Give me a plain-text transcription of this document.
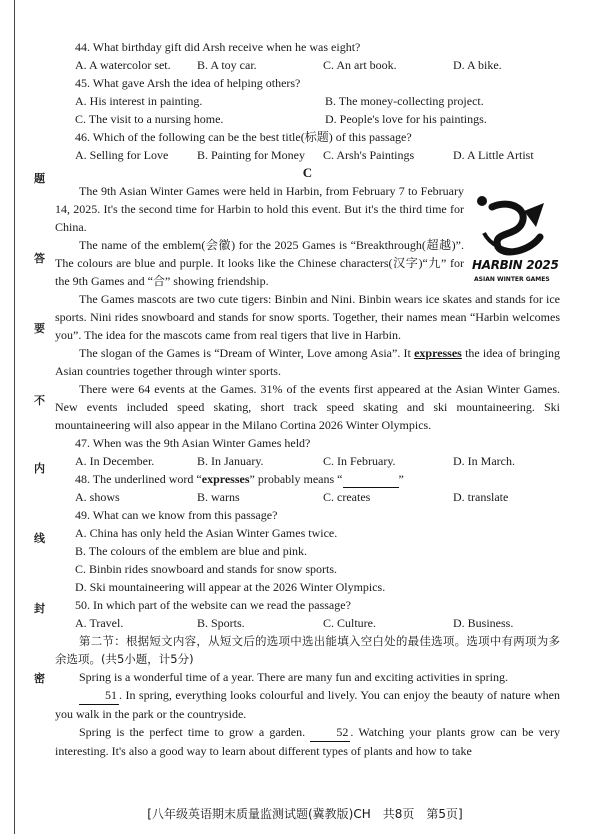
题
答
要
不
内
线
封
密

44. What birthday gift did Arsh receive when he was eight?

A. A watercolor set.	B. A toy car.	C. An art book.	D. A bike.

45. What gave Arsh the idea of helping others?

A. His interest in painting.	B. The money-collecting project.
C. The visit to a nursing home.	D. People's love for his paintings.

46. Which of the following can be the best title(标题) of this passage?

A. Selling for Love	B. Painting for Money	C. Arsh's Paintings	D. A Little Artist

C

HARBIN 2025
ASIAN WINTER GAMES

The 9th Asian Winter Games were held in Harbin, from February 7 to February 14, 2025. It's the second time for Harbin to hold this event. But it's the third time for China.

The name of the emblem(会徽) for the 2025 Games is “Breakthrough(超越)”. The colours are blue and purple. It looks like the Chinese characters(汉字)“九” for the 9th Games and “合” showing friendship.

The Games mascots are two cute tigers: Binbin and Nini. Binbin wears ice skates and stands for ice sports. Nini rides snowboard and stands for snow sports. Together, their names mean “Harbin welcomes you”. The idea for the mascots came from real tigers that live in Harbin.

The slogan of the Games is “Dream of Winter, Love among Asia”. It expresses the idea of bringing Asian countries together through winter sports.

There were 64 events at the Games. 31% of the events first appeared at the Asian Winter Games. New events included speed skating, short track speed skating and ski mountaineering. Ski mountaineering will also appear in the Milano Cortina 2026 Winter Olympics.

47. When was the 9th Asian Winter Games held?

A. In December.	B. In January.	C. In February.	D. In March.

48. The underlined word “expresses” probably means “	”

A. shows	B. warns	C. creates	D. translate

49. What can we know from this passage?

A. China has only held the Asian Winter Games twice.
B. The colours of the emblem are blue and pink.
C. Binbin rides snowboard and stands for snow sports.
D. Ski mountaineering will appear at the 2026 Winter Olympics.

50. In which part of the website can we read the passage?

A. Travel.	B. Sports.	C. Culture.	D. Business.

第二节：根据短文内容，从短文后的选项中选出能填入空白处的最佳选项。选项中有两项为多余选项。(共5小题，计5分)

Spring is a wonderful time of a year. There are many fun and exciting activities in spring.

51 . In spring, everything looks colourful and lively. You can enjoy the beauty of nature when you walk in the park or the countryside.

Spring is the perfect time to grow a garden.	52 . Watching your plants grow can be very interesting. It's also a good way to learn about different types of plants and how to take

[八年级英语期末质量监测试题(冀教版)CH　共8页　第5页]
